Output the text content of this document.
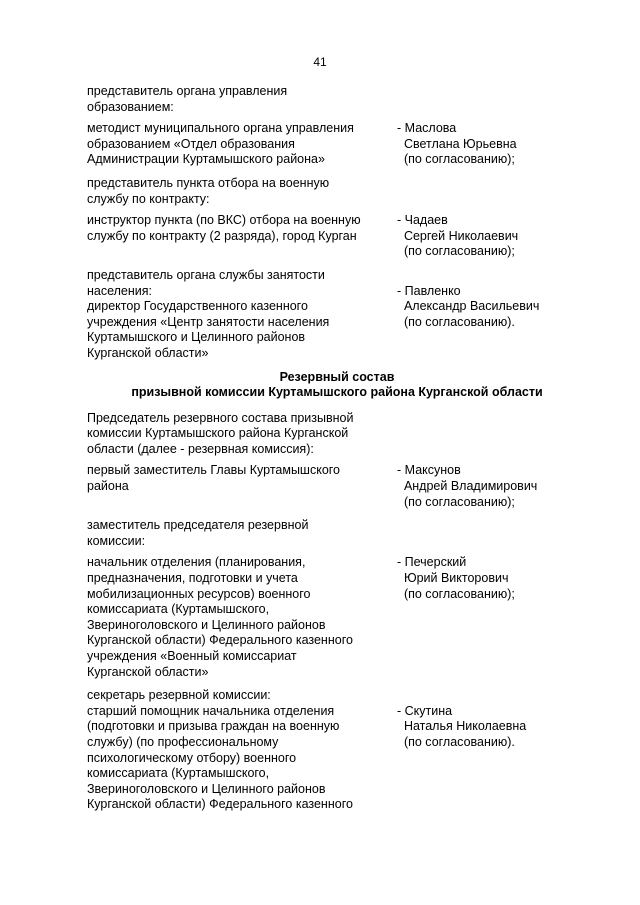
41
представитель органа управления
образованием:
методист муниципального органа управления
образованием «Отдел образования
Администрации Куртамышского района»
- Маслова
Светлана Юрьевна
(по согласованию);
представитель пункта отбора на военную
службу по контракту:
инструктор пункта (по ВКС) отбора на военную
службу по контракту (2 разряда), город Курган
- Чадаев
Сергей Николаевич
(по согласованию);
представитель органа службы занятости
населения:
директор Государственного казенного
учреждения «Центр занятости населения
Куртамышского и Целинного районов
Курганской области»

- Павленко
Александр Васильевич
(по согласованию).
Резервный состав
призывной комиссии Куртамышского района Курганской области
Председатель резервного состава призывной
комиссии Куртамышского района Курганской
области (далее - резервная комиссия):
первый заместитель Главы Куртамышского
района
- Максунов
Андрей Владимирович
(по согласованию);
заместитель председателя резервной
комиссии:
начальник отделения (планирования,
предназначения, подготовки и учета
мобилизационных ресурсов) военного
комиссариата (Куртамышского,
Звериноголовского и Целинного районов
Курганской области) Федерального казенного
учреждения «Военный комиссариат
Курганской области»
- Печерский
Юрий Викторович
(по согласованию);
секретарь резервной комиссии:
старший помощник начальника отделения
(подготовки и призыва граждан на военную
службу) (по профессиональному
психологическому отбору) военного
комиссариата (Куртамышского,
Звериноголовского и Целинного районов
Курганской области) Федерального казенного

- Скутина
Наталья Николаевна
(по согласованию).
